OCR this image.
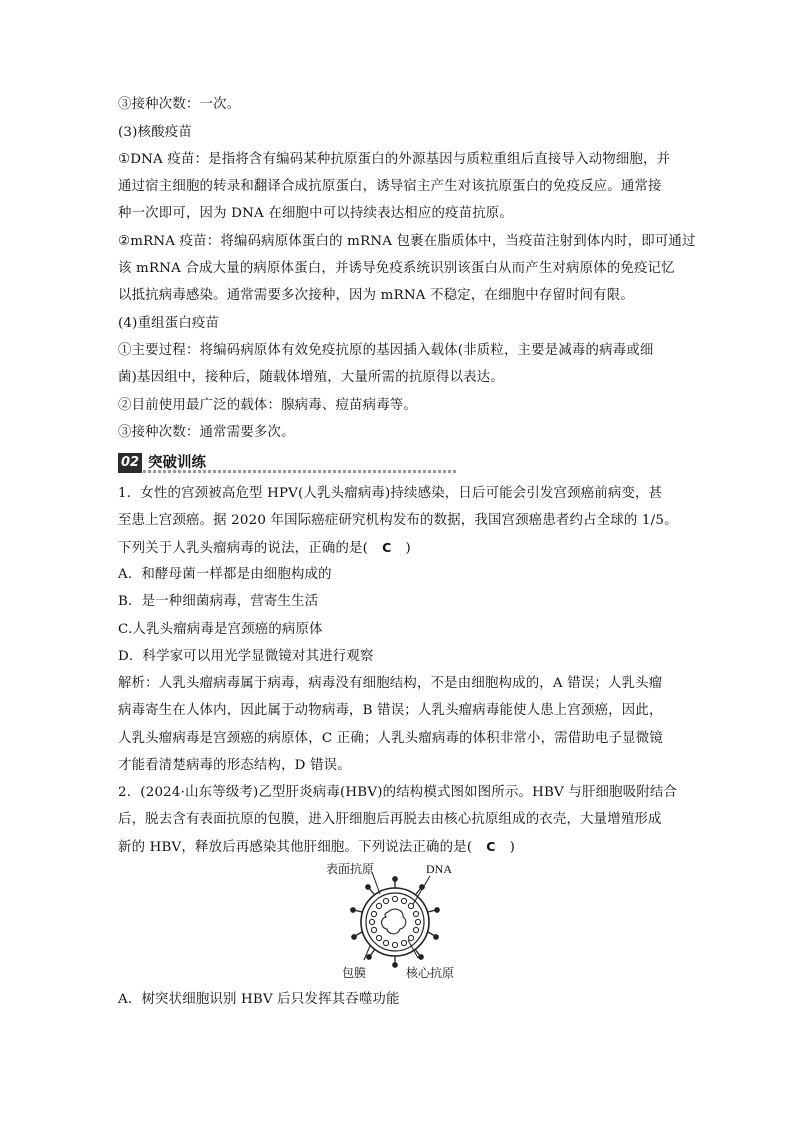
③接种次数：一次。
(3)核酸疫苗
①DNA 疫苗：是指将含有编码某种抗原蛋白的外源基因与质粒重组后直接导入动物细胞，并
通过宿主细胞的转录和翻译合成抗原蛋白，诱导宿主产生对该抗原蛋白的免疫反应。通常接
种一次即可，因为 DNA 在细胞中可以持续表达相应的疫苗抗原。
②mRNA 疫苗：将编码病原体蛋白的 mRNA 包裹在脂质体中，当疫苗注射到体内时，即可通过
该 mRNA 合成大量的病原体蛋白，并诱导免疫系统识别该蛋白从而产生对病原体的免疫记忆
以抵抗病毒感染。通常需要多次接种，因为 mRNA 不稳定，在细胞中存留时间有限。
(4)重组蛋白疫苗
①主要过程：将编码病原体有效免疫抗原的基因插入载体(非质粒，主要是减毒的病毒或细
菌)基因组中，接种后，随载体增殖，大量所需的抗原得以表达。
②目前使用最广泛的载体：腺病毒、痘苗病毒等。
③接种次数：通常需要多次。
02 突破训练
1．女性的宫颈被高危型 HPV(人乳头瘤病毒)持续感染，日后可能会引发宫颈癌前病变，甚
至患上宫颈癌。据 2020 年国际癌症研究机构发布的数据，我国宫颈癌患者约占全球的 1/5。
下列关于人乳头瘤病毒的说法，正确的是( C )
A．和酵母菌一样都是由细胞构成的
B．是一种细菌病毒，营寄生生活
C.人乳头瘤病毒是宫颈癌的病原体
D．科学家可以用光学显微镜对其进行观察
解析：人乳头瘤病毒属于病毒，病毒没有细胞结构，不是由细胞构成的，A 错误；人乳头瘤
病毒寄生在人体内，因此属于动物病毒，B 错误；人乳头瘤病毒能使人患上宫颈癌，因此，
人乳头瘤病毒是宫颈癌的病原体，C 正确；人乳头瘤病毒的体积非常小，需借助电子显微镜
才能看清楚病毒的形态结构，D 错误。
2．(2024·山东等级考)乙型肝炎病毒(HBV)的结构模式图如图所示。HBV 与肝细胞吸附结合
后，脱去含有表面抗原的包膜，进入肝细胞后再脱去由核心抗原组成的衣壳，大量增殖形成
新的 HBV，释放后再感染其他肝细胞。下列说法正确的是( C )
表面抗原	DNA
包膜	核心抗原
A．树突状细胞识别 HBV 后只发挥其吞噬功能
